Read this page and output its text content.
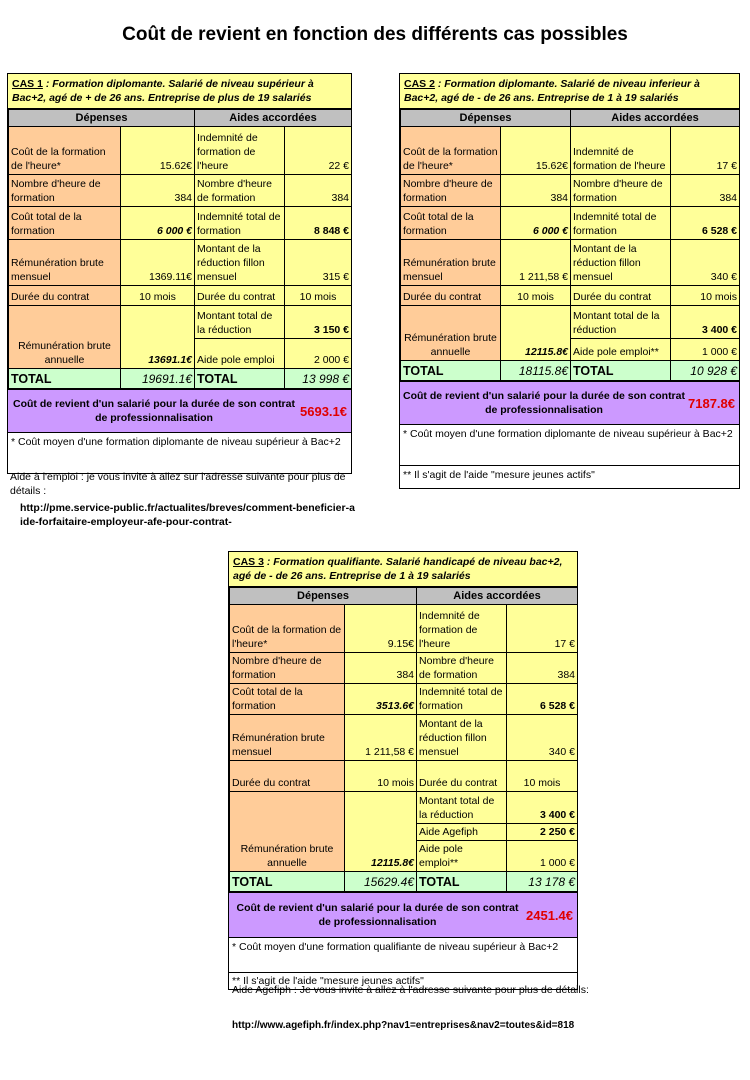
Coût de revient en fonction des différents cas possibles
CAS 1 : Formation diplomante. Salarié de niveau supérieur à Bac+2, agé de + de 26 ans. Entreprise de plus de 19 salariés
Dépenses		Aides accordées	
Coût de la formation de l'heure*	15.62€	Indemnité de formation de l'heure	22 €
Nombre d'heure de formation	384	Nombre d'heure de formation	384
Coût total de la formation	6 000 €	Indemnité total de formation	8 848 €
Rémunération brute mensuel	1369.11€	Montant de la réduction fillon mensuel	315 €
Durée du contrat	10 mois	Durée du contrat	10 mois
Rémunération brute annuelle	13691.1€	Montant total de la réduction	3 150 €
		Aide pole emploi	2 000 €
TOTAL	19691.1€	TOTAL	13 998 €
Coût de revient d'un salarié pour la durée de son contrat de professionnalisation	5693.1€
* Coût moyen d'une formation diplomante de niveau supérieur à Bac+2
Aide à l'emploi : je vous invite à allez sur l'adresse suivante pour plus de détails :
http://pme.service-public.fr/actualites/breves/comment-beneficier-aide-forfaitaire-employeur-afe-pour-contrat-
CAS 2 : Formation diplomante. Salarié de niveau inferieur à Bac+2, agé de - de 26 ans. Entreprise de 1 à 19 salariés
Dépenses		Aides accordées	
Coût de la formation de l'heure*	15.62€	Indemnité de formation de l'heure	17 €
Nombre d'heure de formation	384	Nombre d'heure de formation	384
Coût total de la formation	6 000 €	Indemnité total de formation	6 528 €
Rémunération brute mensuel	1 211,58 €	Montant de la réduction fillon mensuel	340 €
Durée du contrat	10 mois	Durée du contrat	10 mois
Rémunération brute annuelle	12115.8€	Montant total de la réduction	3 400 €
		Aide pole emploi**	1 000 €
TOTAL	18115.8€	TOTAL	10 928 €
Coût de revient d'un salarié pour la durée de son contrat de professionnalisation	7187.8€
* Coût moyen d'une formation diplomante de niveau supérieur à Bac+2
** Il s'agit de l'aide "mesure jeunes actifs"
CAS 3 : Formation qualifiante. Salarié handicapé de niveau bac+2, agé de - de 26 ans. Entreprise de 1 à 19 salariés
Dépenses		Aides accordées	
Coût de la formation de l'heure*	9.15€	Indemnité de formation de l'heure	17 €
Nombre d'heure de formation	384	Nombre d'heure de formation	384
Coût total de la formation	3513.6€	Indemnité total de formation	6 528 €
Rémunération brute mensuel	1 211,58 €	Montant de la réduction fillon mensuel	340 €
Durée du contrat	10 mois	Durée du contrat	10 mois
Rémunération brute annuelle	12115.8€	Montant total de la réduction	3 400 €
		Aide Agefiph	2 250 €
		Aide pole emploi**	1 000 €
TOTAL	15629.4€	TOTAL	13 178 €
Coût de revient d'un salarié pour la durée de son contrat de professionnalisation	2451.4€
* Coût moyen d'une formation qualifiante de niveau supérieur à Bac+2
** Il s'agit de l'aide "mesure jeunes actifs"
Aide Agefiph : Je vous invite à allez à l'adresse suivante pour plus de détails:
http://www.agefiph.fr/index.php?nav1=entreprises&nav2=toutes&id=818
